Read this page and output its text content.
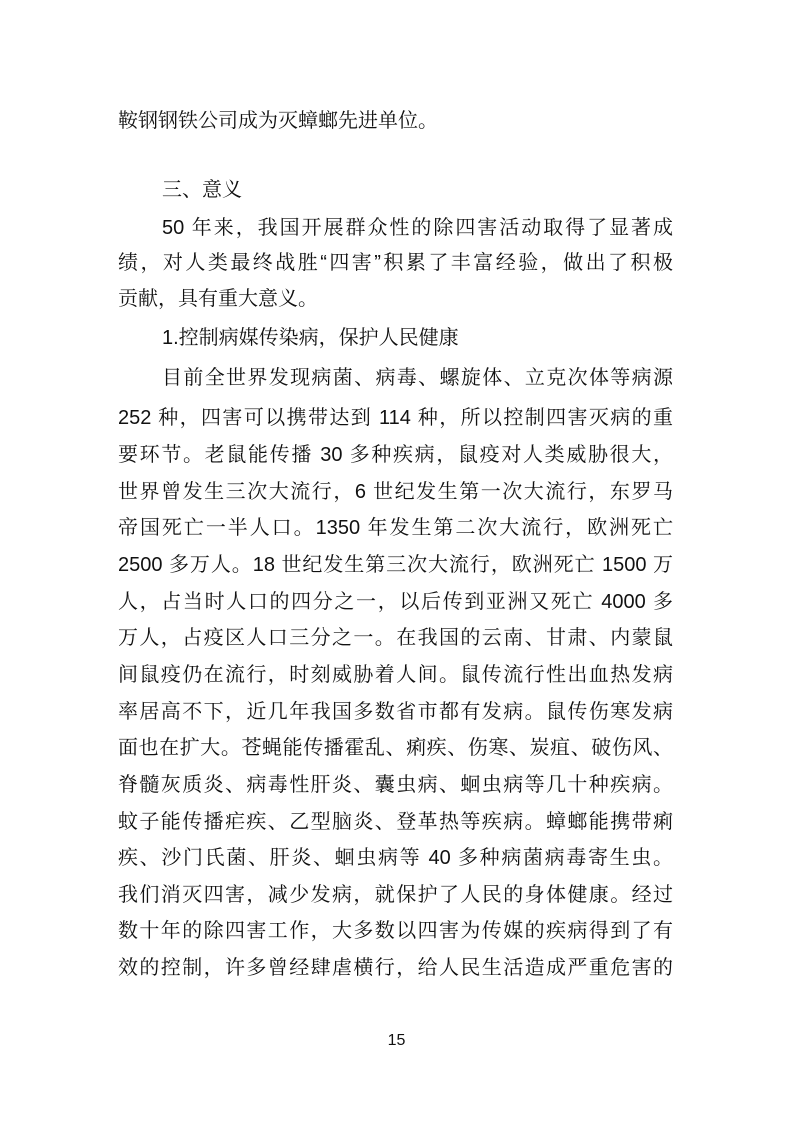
鞍钢钢铁公司成为灭蟑螂先进单位。
三、意义
50 年来，我国开展群众性的除四害活动取得了显著成
绩，对人类最终战胜“四害”积累了丰富经验，做出了积极
贡献，具有重大意义。
1.控制病媒传染病，保护人民健康
目前全世界发现病菌、病毒、螺旋体、立克次体等病源
252 种，四害可以携带达到 114 种，所以控制四害灭病的重
要环节。老鼠能传播 30 多种疾病，鼠疫对人类威胁很大，
世界曾发生三次大流行，6 世纪发生第一次大流行，东罗马
帝国死亡一半人口。1350 年发生第二次大流行，欧洲死亡
2500 多万人。18 世纪发生第三次大流行，欧洲死亡 1500 万
人，占当时人口的四分之一，以后传到亚洲又死亡 4000 多
万人，占疫区人口三分之一。在我国的云南、甘肃、内蒙鼠
间鼠疫仍在流行，时刻威胁着人间。鼠传流行性出血热发病
率居高不下，近几年我国多数省市都有发病。鼠传伤寒发病
面也在扩大。苍蝇能传播霍乱、痢疾、伤寒、炭疽、破伤风、
脊髓灰质炎、病毒性肝炎、囊虫病、蛔虫病等几十种疾病。
蚊子能传播疟疾、乙型脑炎、登革热等疾病。蟑螂能携带痢
疾、沙门氏菌、肝炎、蛔虫病等 40 多种病菌病毒寄生虫。
我们消灭四害，减少发病，就保护了人民的身体健康。经过
数十年的除四害工作，大多数以四害为传媒的疾病得到了有
效的控制，许多曾经肆虐横行，给人民生活造成严重危害的
15
